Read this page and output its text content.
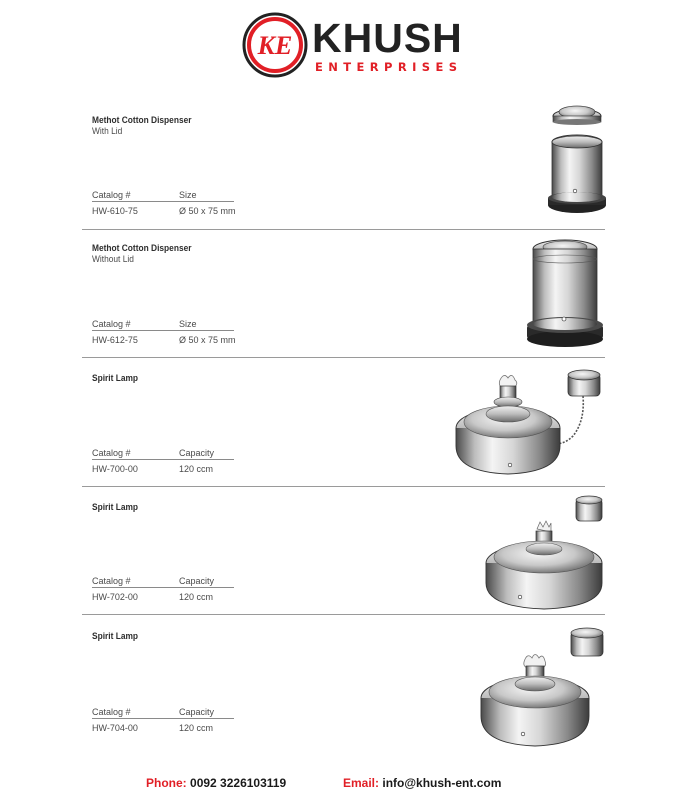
KE KHUSH
ENTERPRISES
Methot Cotton Dispenser
With Lid
Catalog #	Size
HW-610-75	Ø 50 x 75 mm
Methot Cotton Dispenser
Without Lid
Catalog #	Size
HW-612-75	Ø 50 x 75 mm
Spirit Lamp
Catalog #	Capacity
HW-700-00	120 ccm
Spirit Lamp
Catalog #	Capacity
HW-702-00	120 ccm
Spirit Lamp
Catalog #	Capacity
HW-704-00	120 ccm
Phone: 0092 3226103119	Email: info@khush-ent.com
